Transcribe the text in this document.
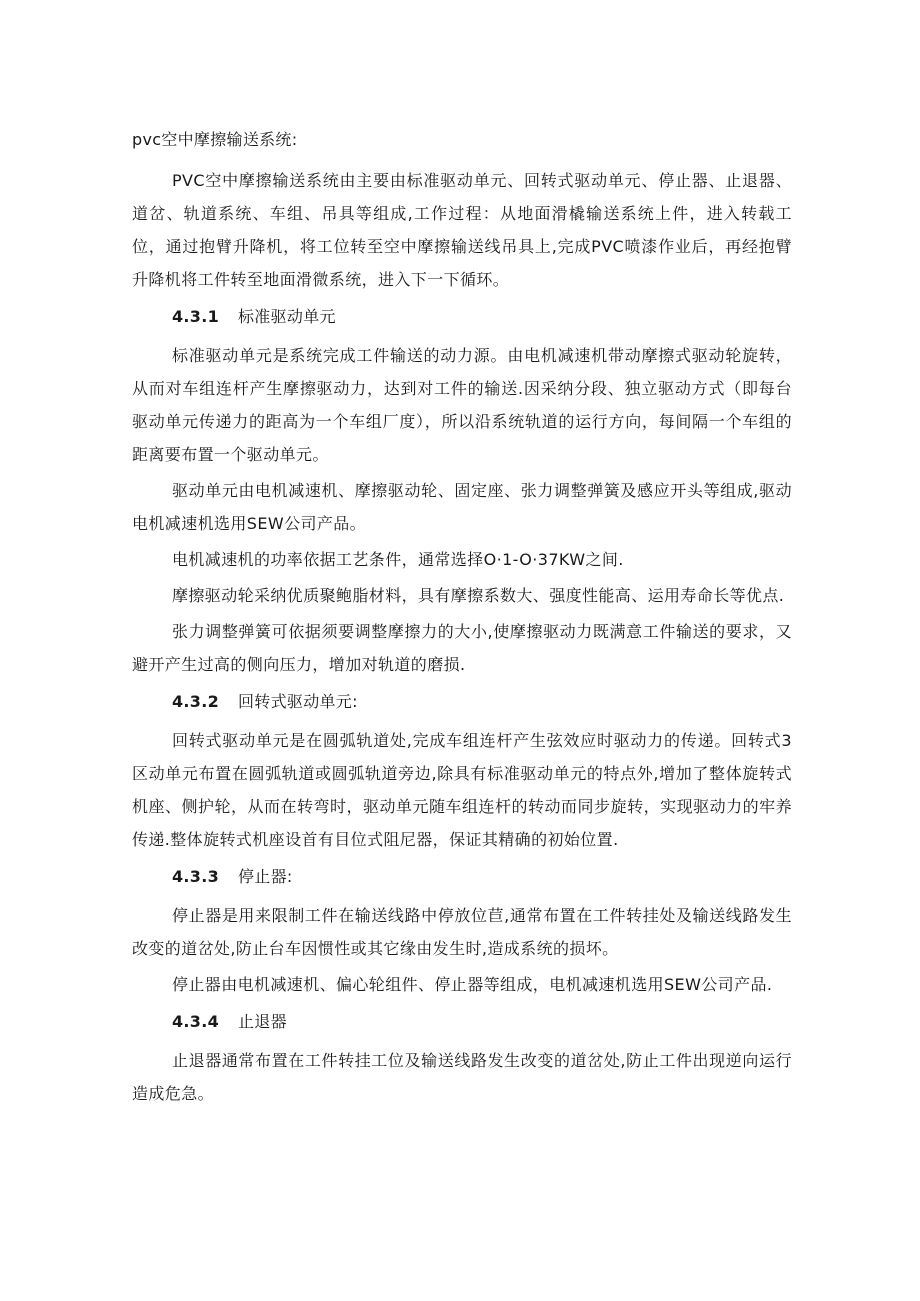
pvc空中摩擦输送系统:

PVC空中摩擦输送系统由主要由标准驱动单元、回转式驱动单元、停止器、止退器、道岔、轨道系统、车组、吊具等组成,工作过程：从地面滑橇输送系统上件，进入转载工位，通过抱臂升降机，将工位转至空中摩擦输送线吊具上,完成PVC喷漆作业后，再经抱臂升降机将工件转至地面滑微系统，进入下一下循环。

4.3.1 标准驱动单元

标准驱动单元是系统完成工件输送的动力源。由电机减速机带动摩擦式驱动轮旋转，从而对车组连杆产生摩擦驱动力，达到对工件的输送.因采纳分段、独立驱动方式（即每台驱动单元传递力的距高为一个车组厂度），所以沿系统轨道的运行方向，每间隔一个车组的距离要布置一个驱动单元。

驱动单元由电机减速机、摩擦驱动轮、固定座、张力调整弹簧及感应开头等组成,驱动电机减速机选用SEW公司产品。

电机减速机的功率依据工艺条件，通常选择O·1-O·37KW之间.

摩擦驱动轮采纳优质聚鲍脂材料，具有摩擦系数大、强度性能高、运用寿命长等优点.

张力调整弹簧可依据须要调整摩擦力的大小,使摩擦驱动力既满意工件输送的要求，又避开产生过高的侧向压力，增加对轨道的磨损.

4.3.2 回转式驱动单元:

回转式驱动单元是在圆弧轨道处,完成车组连杆产生弦效应时驱动力的传递。回转式3区动单元布置在圆弧轨道或圆弧轨道旁边,除具有标准驱动单元的特点外,增加了整体旋转式机座、侧护轮，从而在转弯时，驱动单元随车组连杆的转动而同步旋转，实现驱动力的牢养传递.整体旋转式机座设首有目位式阻尼器，保证其精确的初始位置.

4.3.3 停止器:

停止器是用来限制工件在输送线路中停放位苣,通常布置在工件转挂处及输送线路发生改变的道岔处,防止台车因惯性或其它缘由发生时,造成系统的损坏。

停止器由电机减速机、偏心轮组件、停止器等组成，电机减速机选用SEW公司产品.

4.3.4 止退器

止退器通常布置在工件转挂工位及输送线路发生改变的道岔处,防止工件出现逆向运行造成危急。
